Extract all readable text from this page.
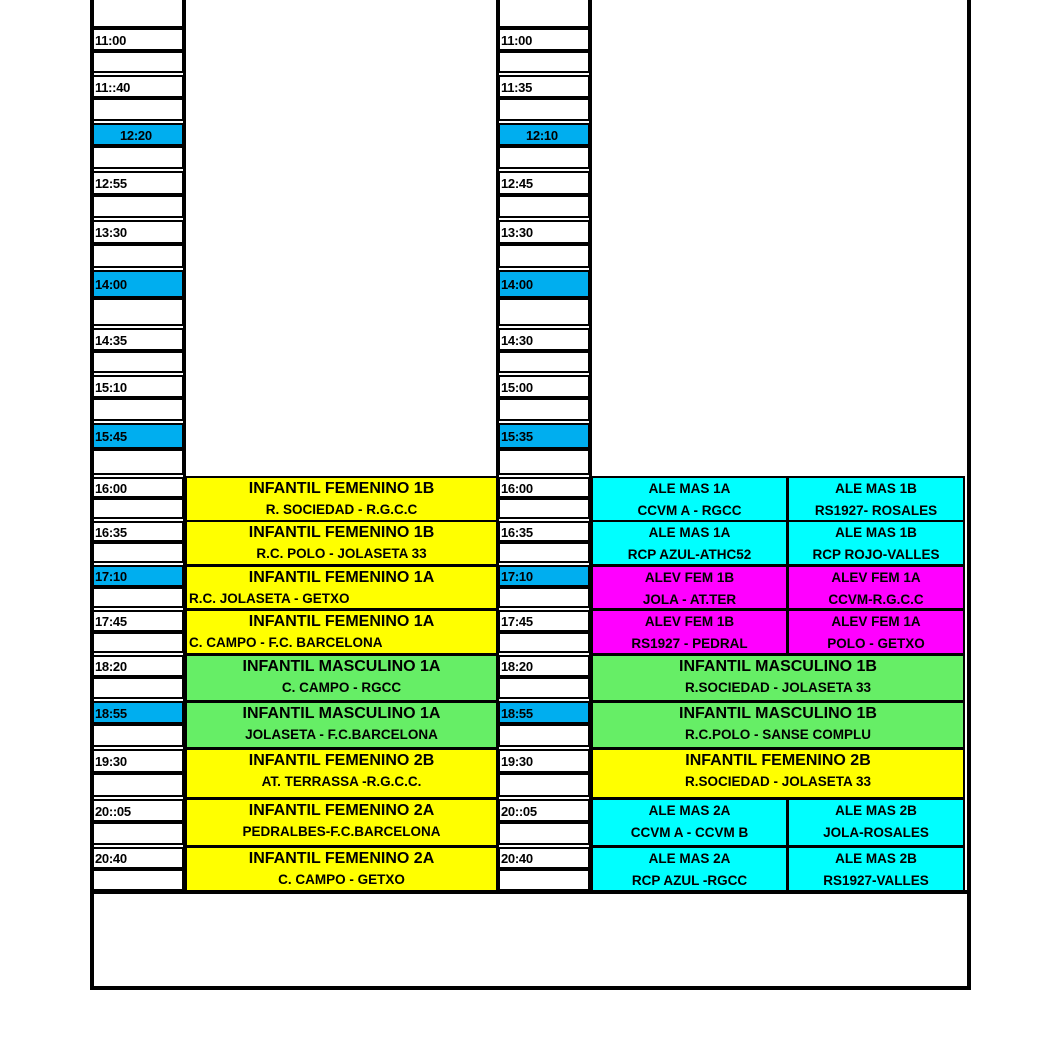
11:00
11::40
12:20
12:55
13:30
14:00
14:35
15:10
15:45
16:00
16:35
17:10
17:45
18:20
18:55
19:30
20::05
20:40
11:00
11:35
12:10
12:45
13:30
14:00
14:30
15:00
15:35
16:00
16:35
17:10
17:45
18:20
18:55
19:30
20::05
20:40
INFANTIL FEMENINO 1B
R. SOCIEDAD - R.G.C.C
INFANTIL FEMENINO 1B
R.C. POLO - JOLASETA 33
INFANTIL FEMENINO 1A
R.C. JOLASETA - GETXO
INFANTIL FEMENINO 1A
C. CAMPO - F.C. BARCELONA
INFANTIL MASCULINO 1A
C. CAMPO - RGCC
INFANTIL MASCULINO 1A
JOLASETA - F.C.BARCELONA
INFANTIL FEMENINO 2B
AT. TERRASSA -R.G.C.C.
INFANTIL FEMENINO 2A
PEDRALBES-F.C.BARCELONA
INFANTIL FEMENINO 2A
C. CAMPO - GETXO
ALE MAS 1A
CCVM A - RGCC
ALE MAS 1B
RS1927- ROSALES
ALE MAS 1A
RCP AZUL-ATHC52
ALE MAS 1B
RCP ROJO-VALLES
ALEV FEM 1B
JOLA - AT.TER
ALEV FEM 1A
CCVM-R.G.C.C
ALEV FEM 1B
RS1927 - PEDRAL
ALEV FEM 1A
POLO - GETXO
INFANTIL MASCULINO 1B
R.SOCIEDAD - JOLASETA 33
INFANTIL MASCULINO 1B
R.C.POLO - SANSE COMPLU
INFANTIL FEMENINO 2B
R.SOCIEDAD - JOLASETA 33
ALE MAS 2A
CCVM A - CCVM B
ALE MAS 2B
JOLA-ROSALES
ALE MAS 2A
RCP AZUL -RGCC
ALE MAS 2B
RS1927-VALLES
